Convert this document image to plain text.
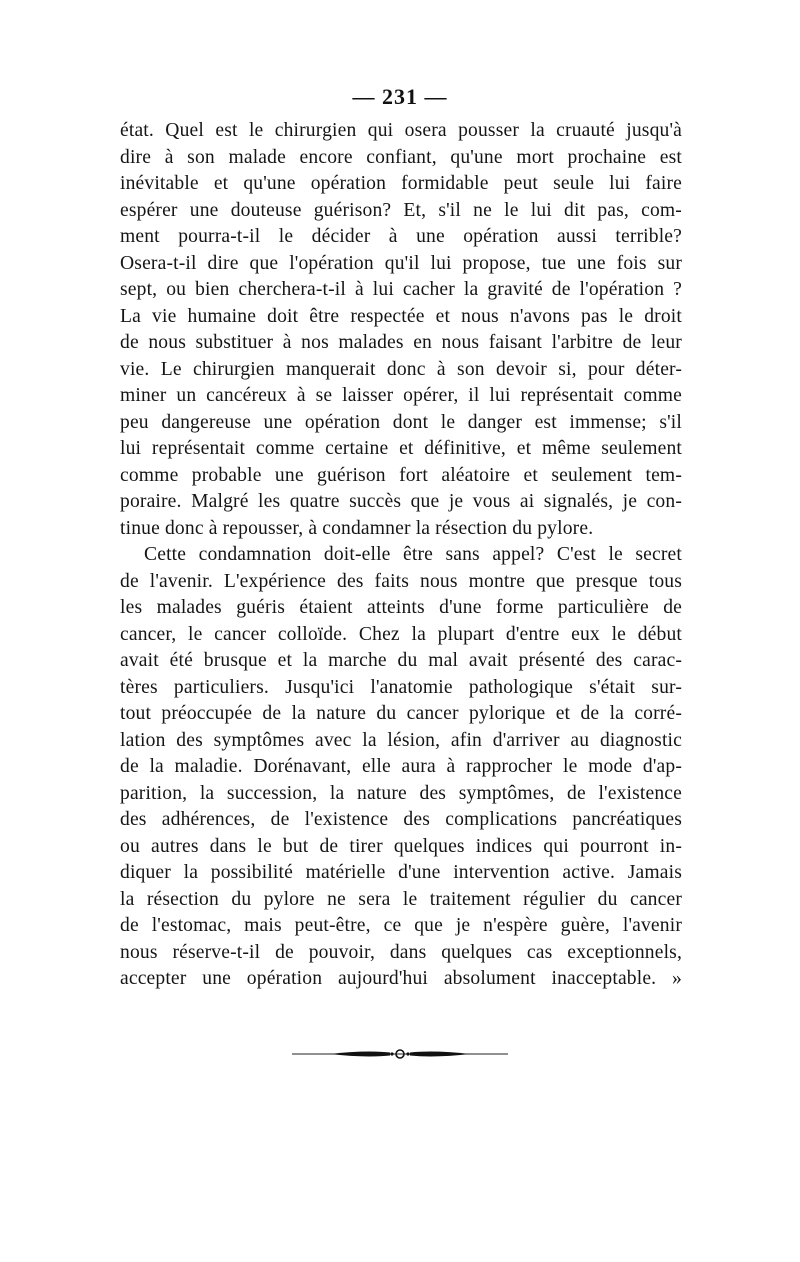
— 231 —
état. Quel est le chirurgien qui osera pousser la cruauté jusqu'à
dire à son malade encore confiant, qu'une mort prochaine est
inévitable et qu'une opération formidable peut seule lui faire
espérer une douteuse guérison? Et, s'il ne le lui dit pas, com-
ment pourra-t-il le décider à une opération aussi terrible?
Osera-t-il dire que l'opération qu'il lui propose, tue une fois sur
sept, ou bien cherchera-t-il à lui cacher la gravité de l'opération ?
La vie humaine doit être respectée et nous n'avons pas le droit
de nous substituer à nos malades en nous faisant l'arbitre de leur
vie. Le chirurgien manquerait donc à son devoir si, pour déter-
miner un cancéreux à se laisser opérer, il lui représentait comme
peu dangereuse une opération dont le danger est immense; s'il
lui représentait comme certaine et définitive, et même seulement
comme probable une guérison fort aléatoire et seulement tem-
poraire. Malgré les quatre succès que je vous ai signalés, je con-
tinue donc à repousser, à condamner la résection du pylore.
Cette condamnation doit-elle être sans appel? C'est le secret
de l'avenir. L'expérience des faits nous montre que presque tous
les malades guéris étaient atteints d'une forme particulière de
cancer, le cancer colloïde. Chez la plupart d'entre eux le début
avait été brusque et la marche du mal avait présenté des carac-
tères particuliers. Jusqu'ici l'anatomie pathologique s'était sur-
tout préoccupée de la nature du cancer pylorique et de la corré-
lation des symptômes avec la lésion, afin d'arriver au diagnostic
de la maladie. Dorénavant, elle aura à rapprocher le mode d'ap-
parition, la succession, la nature des symptômes, de l'existence
des adhérences, de l'existence des complications pancréatiques
ou autres dans le but de tirer quelques indices qui pourront in-
diquer la possibilité matérielle d'une intervention active. Jamais
la résection du pylore ne sera le traitement régulier du cancer
de l'estomac, mais peut-être, ce que je n'espère guère, l'avenir
nous réserve-t-il de pouvoir, dans quelques cas exceptionnels,
accepter une opération aujourd'hui absolument inacceptable. »
